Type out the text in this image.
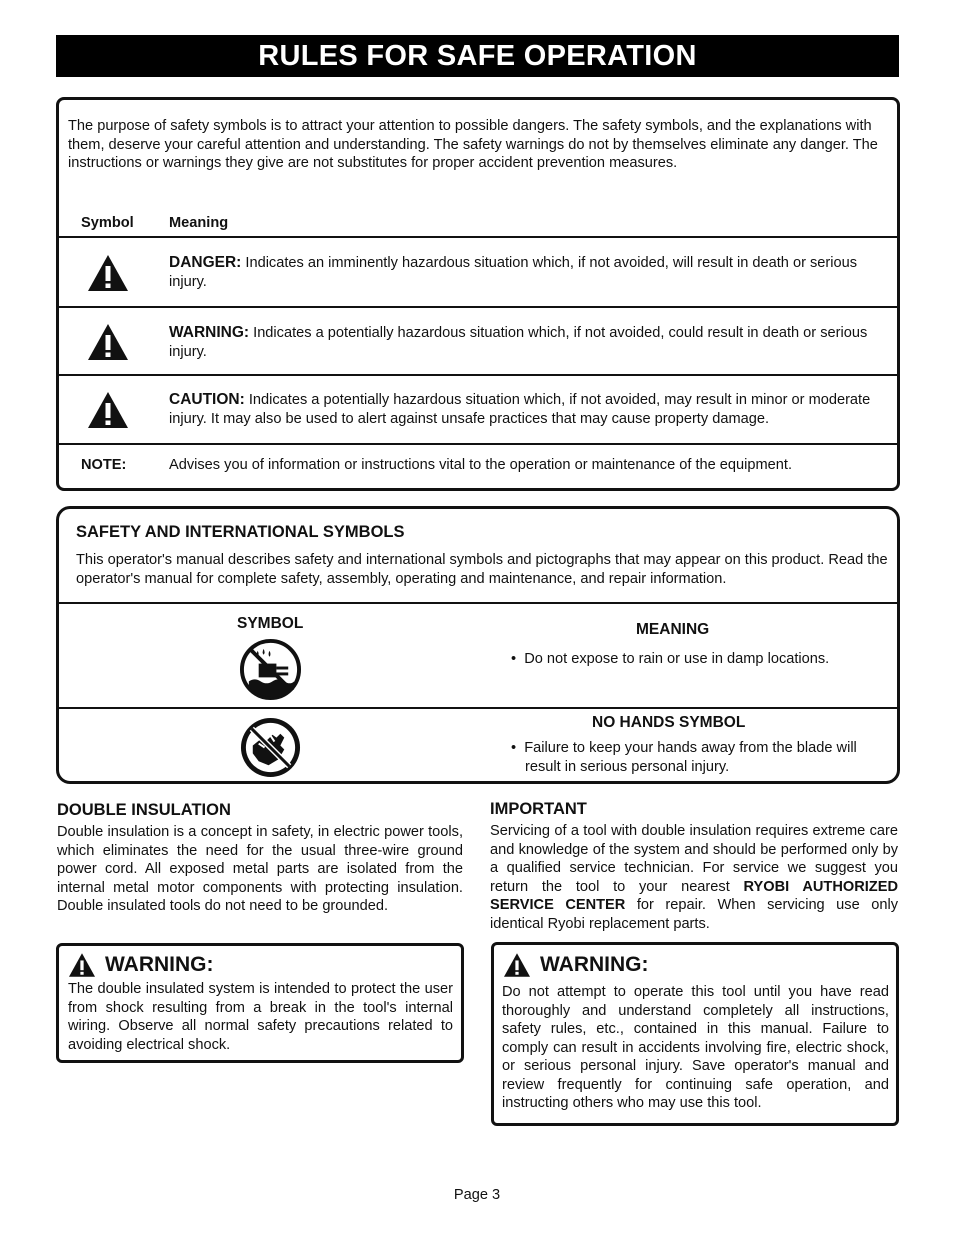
RULES FOR SAFE OPERATION
The purpose of safety symbols is to attract your attention to possible dangers. The safety symbols, and the explanations with them, deserve your careful attention and understanding. The safety warnings do not by themselves eliminate any danger. The instructions or warnings they give are not substitutes for proper accident prevention measures.
Symbol Meaning
DANGER: Indicates an imminently hazardous situation which, if not avoided, will result in death or serious injury.
WARNING: Indicates a potentially hazardous situation which, if not avoided, could result in death or serious injury.
CAUTION: Indicates a potentially hazardous situation which, if not avoided, may result in minor or moderate injury. It may also be used to alert against unsafe practices that may cause property damage.
NOTE:	Advises you of information or instructions vital to the operation or maintenance of the equipment.
SAFETY AND INTERNATIONAL SYMBOLS
This operator's manual describes safety and international symbols and pictographs that may appear on this product. Read the operator's manual for complete safety, assembly, operating and maintenance, and repair information.
SYMBOL	MEANING
•  Do not expose to rain or use in damp locations.
NO HANDS SYMBOL
•  Failure to keep your hands away from the blade will result in serious personal injury.
DOUBLE INSULATION
Double insulation is a concept in safety, in electric power tools, which eliminates the need for the usual three-wire ground power cord. All exposed metal parts are isolated from the internal metal motor components with protecting insulation. Double insulated tools do not need to be grounded.
IMPORTANT
Servicing of a tool with double insulation requires extreme care and knowledge of the system and should be performed only by a qualified service technician. For service we suggest you return the tool to your nearest RYOBI AUTHORIZED SERVICE CENTER for repair. When servicing use only identical Ryobi replacement parts.
WARNING:
The double insulated system is intended to protect the user from shock resulting from a break in the tool's internal wiring. Observe all normal safety precautions related to avoiding electrical shock.
WARNING:
Do not attempt to operate this tool until you have read thoroughly and understand completely all instructions, safety rules, etc., contained in this manual. Failure to comply can result in accidents involving fire, electric shock, or serious personal injury. Save operator's manual and review frequently for continuing safe operation, and instructing others who may use this tool.
Page 3
